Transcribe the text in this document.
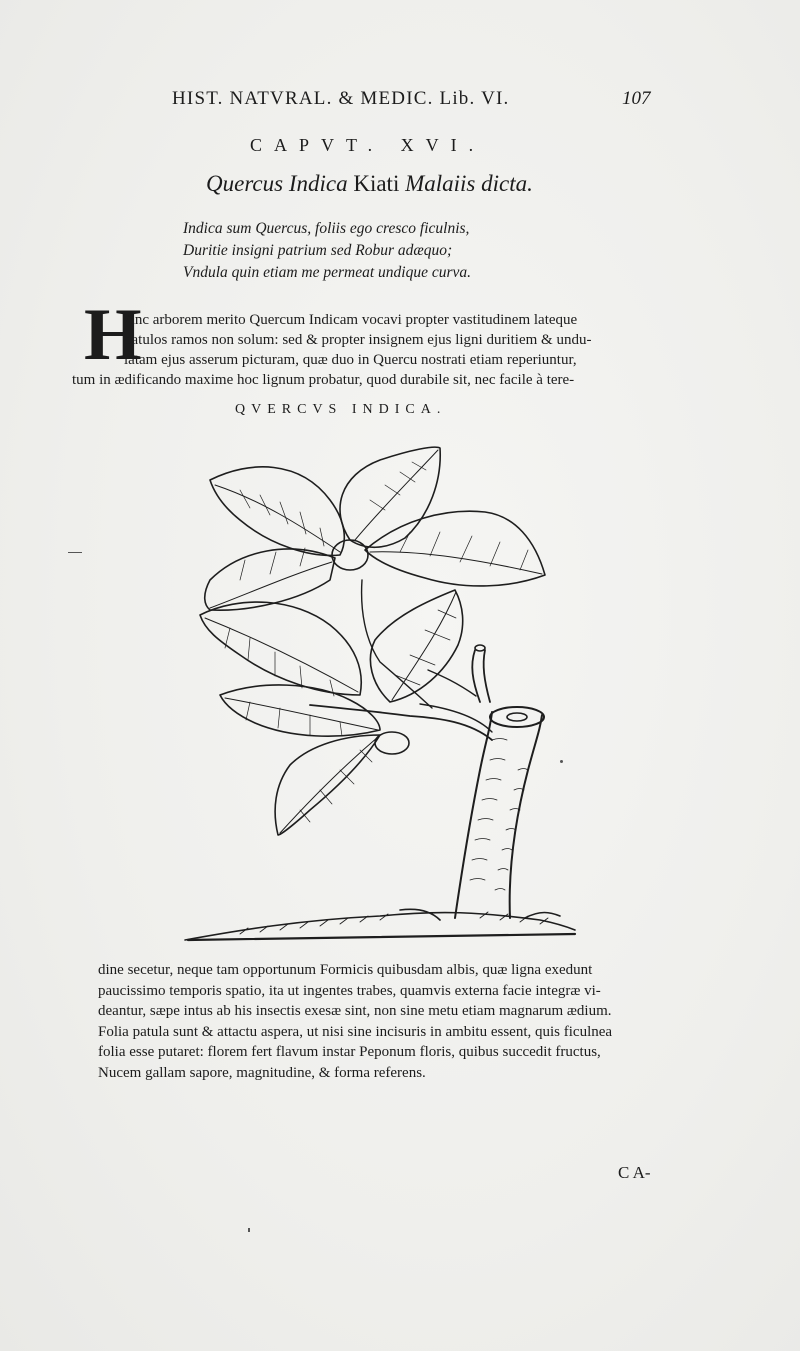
HIST. NATVRAL. & MEDIC. Lib. VI.	107
CAPVT. XVI.
Quercus Indica Kiati Malaiis dicta.
Indica sum Quercus, foliis ego cresco ficulnis,
Duritie insigni patrium sed Robur adæquo;
Vndula quin etiam me permeat undique curva.
H
Anc arborem merito Quercum Indicam vocavi propter vastitudinem lateque
patulos ramos non solum: sed & propter insignem ejus ligni duritiem & undu-
latam ejus asserum picturam, quæ duo in Quercu nostrati etiam reperiuntur,
tum in ædificando maxime hoc lignum probatur, quod durabile sit, nec facile à tere-
QVERCVS INDICA.
dine secetur, neque tam opportunum Formicis quibusdam albis, quæ ligna exedunt
paucissimo temporis spatio, ita ut ingentes trabes, quamvis externa facie integræ vi-
deantur, sæpe intus ab his insectis exesæ sint, non sine metu etiam magnarum ædium.
Folia patula sunt & attactu aspera, ut nisi sine incisuris in ambitu essent, quis ficulnea
folia esse putaret: florem fert flavum instar Peponum floris, quibus succedit fructus,
Nucem gallam sapore, magnitudine, & forma referens.
C A-
